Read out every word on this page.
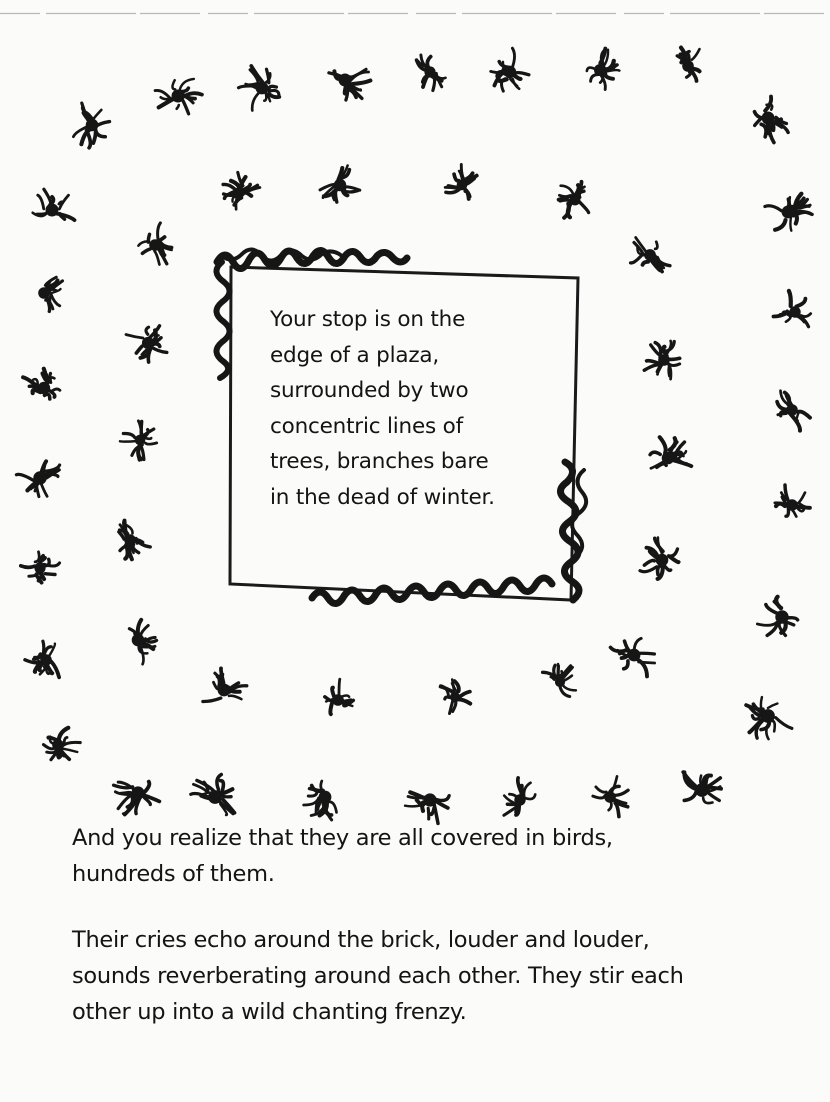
Your stop is on the
edge of a plaza,
surrounded by two
concentric lines of
trees, branches bare
in the dead of winter.
And you realize that they are all covered in birds,
hundreds of them.
Their cries echo around the brick, louder and louder,
sounds reverberating around each other. They stir each
other up into a wild chanting frenzy.
